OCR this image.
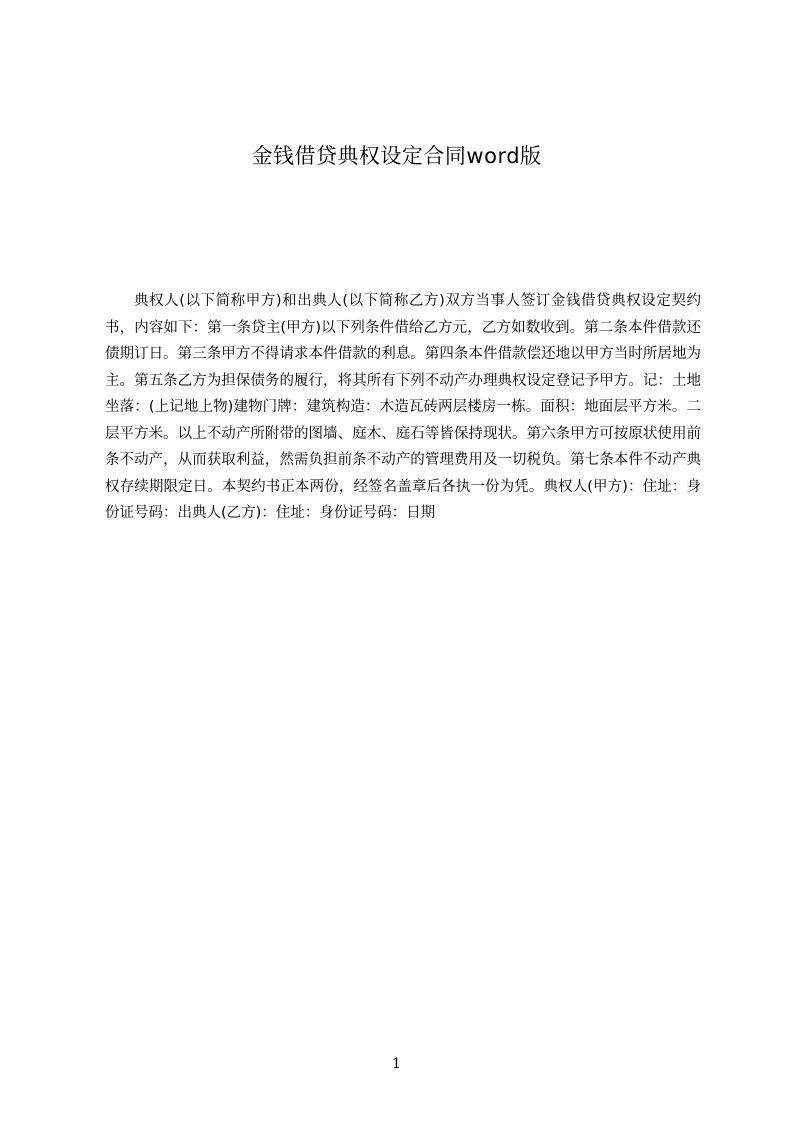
金钱借贷典权设定合同word版

典权人(以下简称甲方)和出典人(以下简称乙方)双方当事人签订金钱借贷典权设定契约书，内容如下：第一条贷主(甲方)以下列条件借给乙方元，乙方如数收到。第二条本件借款还债期订日。第三条甲方不得请求本件借款的利息。第四条本件借款偿还地以甲方当时所居地为主。第五条乙方为担保债务的履行，将其所有下列不动产办理典权设定登记予甲方。记：土地坐落：(上记地上物)建物门牌：建筑构造：木造瓦砖两层楼房一栋。面积：地面层平方米。二层平方米。以上不动产所附带的图墙、庭木、庭石等皆保持现状。第六条甲方可按原状使用前条不动产，从而获取利益，然需负担前条不动产的管理费用及一切税负。第七条本件不动产典权存续期限定日。本契约书正本两份，经签名盖章后各执一份为凭。典权人(甲方)：住址：身份证号码：出典人(乙方)：住址：身份证号码：日期

1
